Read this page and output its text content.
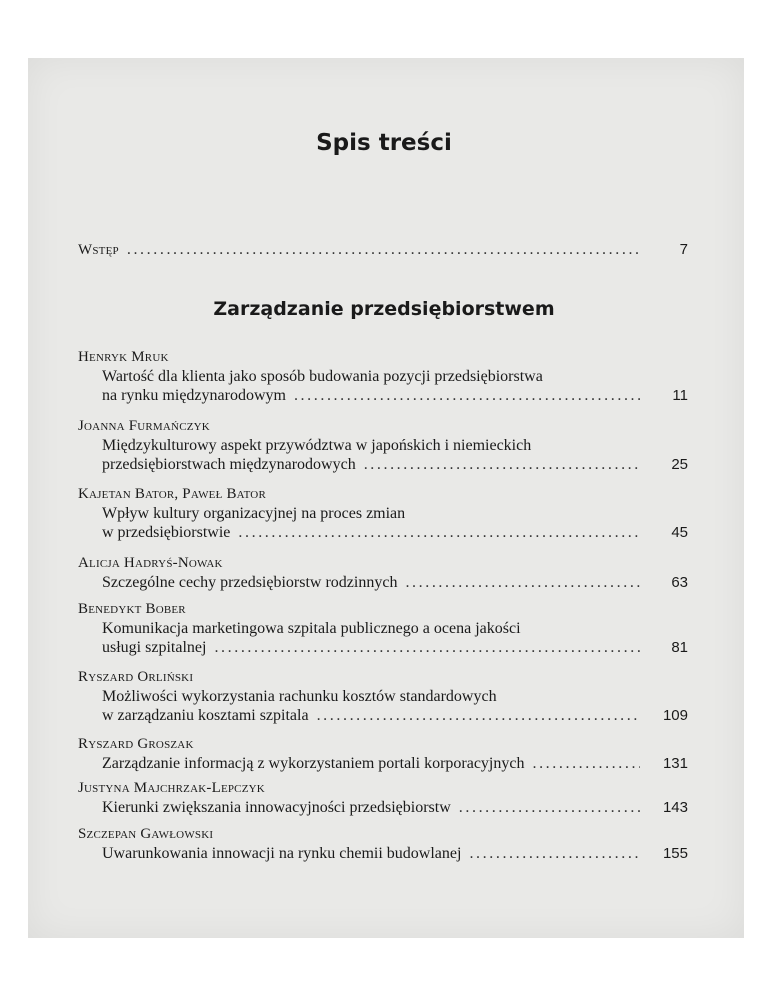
Spis treści
Wstęp .....	7
Zarządzanie przedsiębiorstwem
Henryk Mruk
Wartość dla klienta jako sposób budowania pozycji przedsiębiorstwa
na rynku międzynarodowym .....	11
Joanna Furmańczyk
Międzykulturowy aspekt przywództwa w japońskich i niemieckich
przedsiębiorstwach międzynarodowych .....	25
Kajetan Bator, Paweł Bator
Wpływ kultury organizacyjnej na proces zmian
w przedsiębiorstwie .....	45
Alicja Hadryś-Nowak
Szczególne cechy przedsiębiorstw rodzinnych .....	63
Benedykt Bober
Komunikacja marketingowa szpitala publicznego a ocena jakości
usługi szpitalnej .....	81
Ryszard Orliński
Możliwości wykorzystania rachunku kosztów standardowych
w zarządzaniu kosztami szpitala .....	109
Ryszard Groszak
Zarządzanie informacją z wykorzystaniem portali korporacyjnych .....	131
Justyna Majchrzak-Lepczyk
Kierunki zwiększania innowacyjności przedsiębiorstw .....	143
Szczepan Gawłowski
Uwarunkowania innowacji na rynku chemii budowlanej .....	155
